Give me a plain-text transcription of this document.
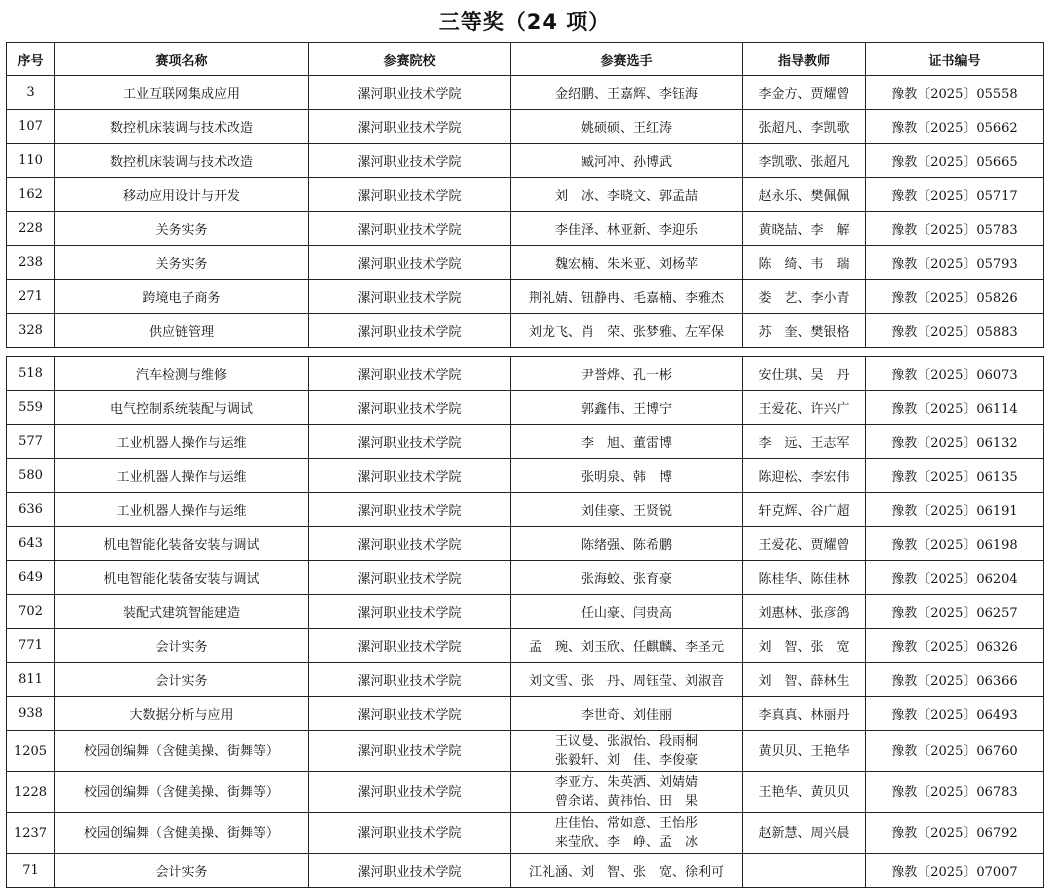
三等奖（24 项）
序号	赛项名称	参赛院校	参赛选手	指导教师	证书编号
3	工业互联网集成应用	漯河职业技术学院	金绍鹏、王嘉辉、李钰海	李金方、贾耀曾	豫教〔2025〕05558
107	数控机床装调与技术改造	漯河职业技术学院	姚硕硕、王红涛	张超凡、李凯歌	豫教〔2025〕05662
110	数控机床装调与技术改造	漯河职业技术学院	臧河冲、孙博武	李凯歌、张超凡	豫教〔2025〕05665
162	移动应用设计与开发	漯河职业技术学院	刘　冰、李晓文、郭孟喆	赵永乐、樊佩佩	豫教〔2025〕05717
228	关务实务	漯河职业技术学院	李佳泽、林亚新、李迎乐	黄晓喆、李　解	豫教〔2025〕05783
238	关务实务	漯河职业技术学院	魏宏楠、朱米亚、刘杨苹	陈　绮、韦　瑞	豫教〔2025〕05793
271	跨境电子商务	漯河职业技术学院	荆礼婧、钮静冉、毛嘉楠、李雅杰	娄　艺、李小青	豫教〔2025〕05826
328	供应链管理	漯河职业技术学院	刘龙飞、肖　荣、张梦雅、左军保	苏　奎、樊银格	豫教〔2025〕05883
518	汽车检测与维修	漯河职业技术学院	尹誉烨、孔一彬	安仕琪、吴　丹	豫教〔2025〕06073
559	电气控制系统装配与调试	漯河职业技术学院	郭鑫伟、王博宁	王爱花、许兴广	豫教〔2025〕06114
577	工业机器人操作与运维	漯河职业技术学院	李　旭、董雷博	李　远、王志军	豫教〔2025〕06132
580	工业机器人操作与运维	漯河职业技术学院	张明泉、韩　博	陈迎松、李宏伟	豫教〔2025〕06135
636	工业机器人操作与运维	漯河职业技术学院	刘佳豪、王贤锐	轩克辉、谷广超	豫教〔2025〕06191
643	机电智能化装备安装与调试	漯河职业技术学院	陈绪强、陈希鹏	王爱花、贾耀曾	豫教〔2025〕06198
649	机电智能化装备安装与调试	漯河职业技术学院	张海蛟、张育豪	陈桂华、陈佳林	豫教〔2025〕06204
702	装配式建筑智能建造	漯河职业技术学院	任山豪、闫贵高	刘惠林、张彦鸽	豫教〔2025〕06257
771	会计实务	漯河职业技术学院	孟　琬、刘玉欣、任麒麟、李圣元	刘　智、张　宽	豫教〔2025〕06326
811	会计实务	漯河职业技术学院	刘文雪、张　丹、周钰莹、刘淑音	刘　智、薛林生	豫教〔2025〕06366
938	大数据分析与应用	漯河职业技术学院	李世奇、刘佳丽	李真真、林丽丹	豫教〔2025〕06493
1205	校园创编舞（含健美操、街舞等）	漯河职业技术学院	王议曼、张淑怡、段雨桐
张毅轩、刘　佳、李俊豪	黄贝贝、王艳华	豫教〔2025〕06760
1228	校园创编舞（含健美操、街舞等）	漯河职业技术学院	李亚方、朱英洒、刘婧婧
曾余诺、黄祎怡、田　果	王艳华、黄贝贝	豫教〔2025〕06783
1237	校园创编舞（含健美操、街舞等）	漯河职业技术学院	庄佳怡、常如意、王怡彤
来莹欣、李　峥、孟　冰	赵新慧、周兴晨	豫教〔2025〕06792
71	会计实务	漯河职业技术学院	江礼涵、刘　智、张　宽、徐利可		豫教〔2025〕07007
